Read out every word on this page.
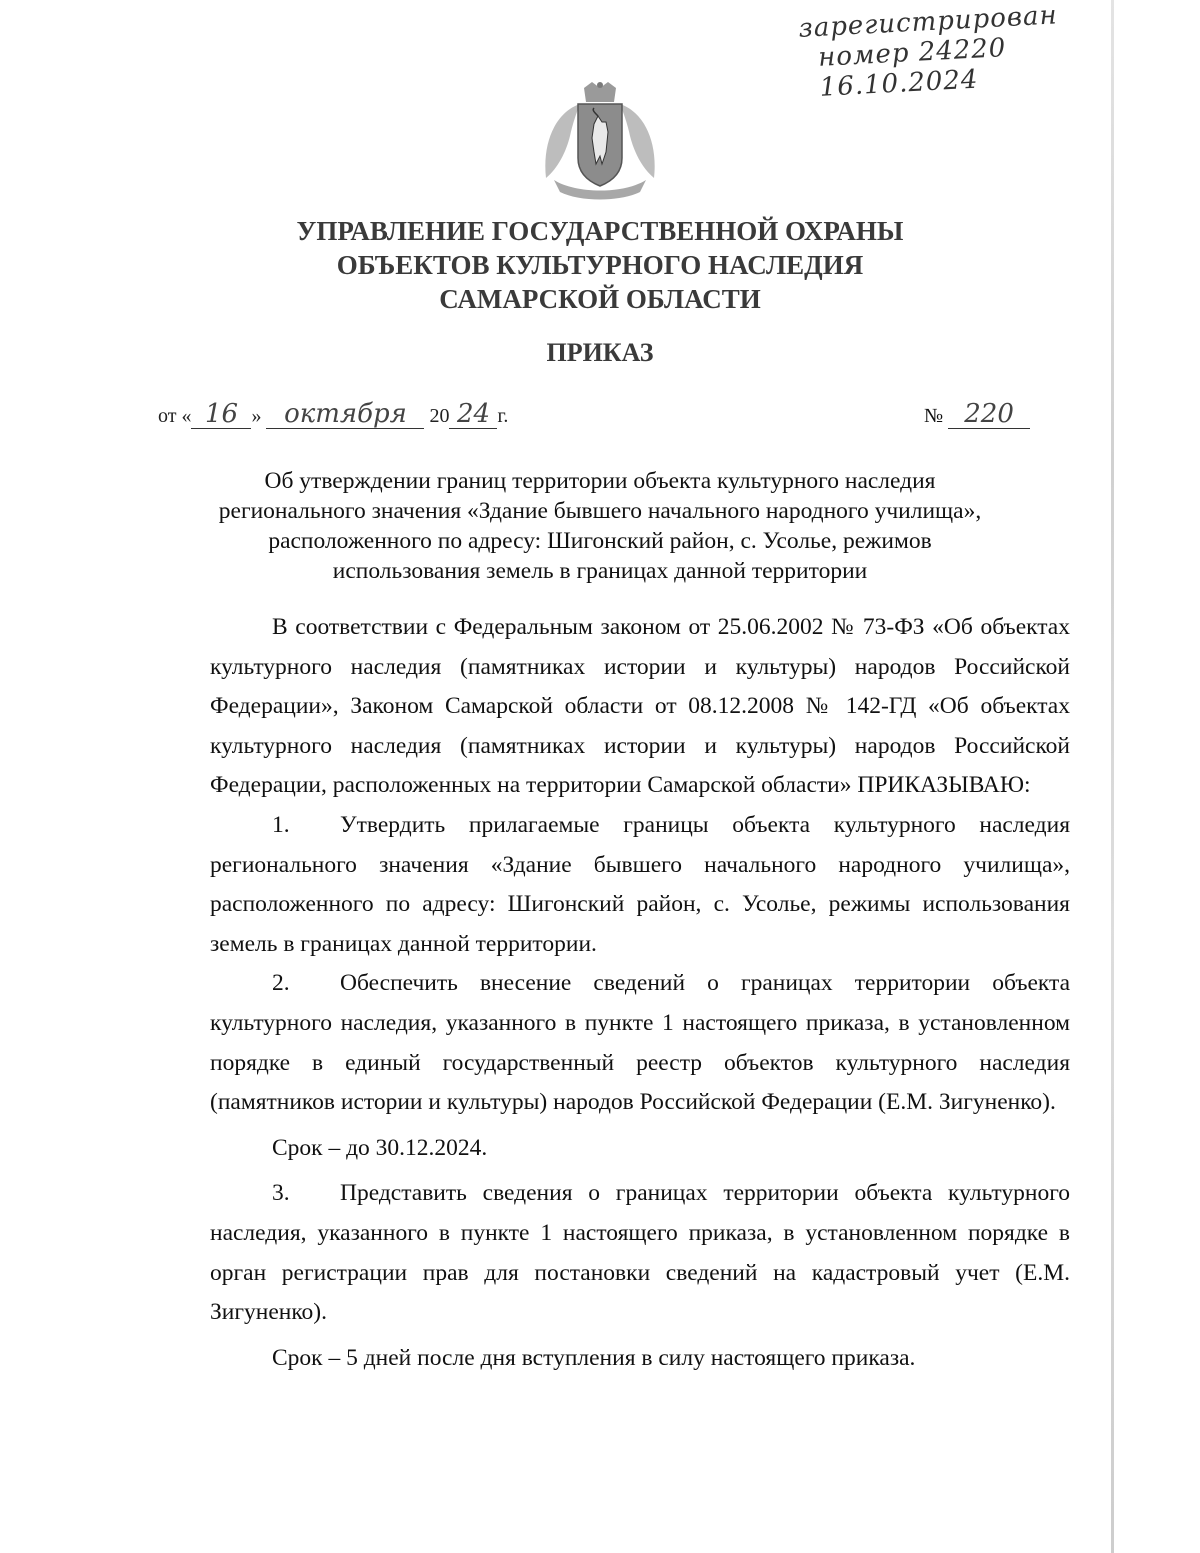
зарегистрирован
номер 24220
16.10.2024
УПРАВЛЕНИЕ ГОСУДАРСТВЕННОЙ ОХРАНЫ
ОБЪЕКТОВ КУЛЬТУРНОГО НАСЛЕДИЯ
САМАРСКОЙ ОБЛАСТИ
ПРИКАЗ
от « 16 » октября 20 24 г.	№ 220
Об утверждении границ территории объекта культурного наследия
регионального значения «Здание бывшего начального народного училища»,
расположенного по адресу: Шигонский район, с. Усолье, режимов
использования земель в границах данной территории

В соответствии с Федеральным законом от 25.06.2002 № 73-ФЗ «Об объектах культурного наследия (памятниках истории и культуры) народов Российской Федерации», Законом Самарской области от 08.12.2008 № 142-ГД «Об объектах культурного наследия (памятниках истории и культуры) народов Российской Федерации, расположенных на территории Самарской области» ПРИКАЗЫВАЮ:

1. Утвердить прилагаемые границы объекта культурного наследия регионального значения «Здание бывшего начального народного училища», расположенного по адресу: Шигонский район, с. Усолье, режимы использования земель в границах данной территории.

2. Обеспечить внесение сведений о границах территории объекта культурного наследия, указанного в пункте 1 настоящего приказа, в установленном порядке в единый государственный реестр объектов культурного наследия (памятников истории и культуры) народов Российской Федерации (Е.М. Зигуненко).

Срок – до 30.12.2024.

3. Представить сведения о границах территории объекта культурного наследия, указанного в пункте 1 настоящего приказа, в установленном порядке в орган регистрации прав для постановки сведений на кадастровый учет (Е.М. Зигуненко).

Срок – 5 дней после дня вступления в силу настоящего приказа.
